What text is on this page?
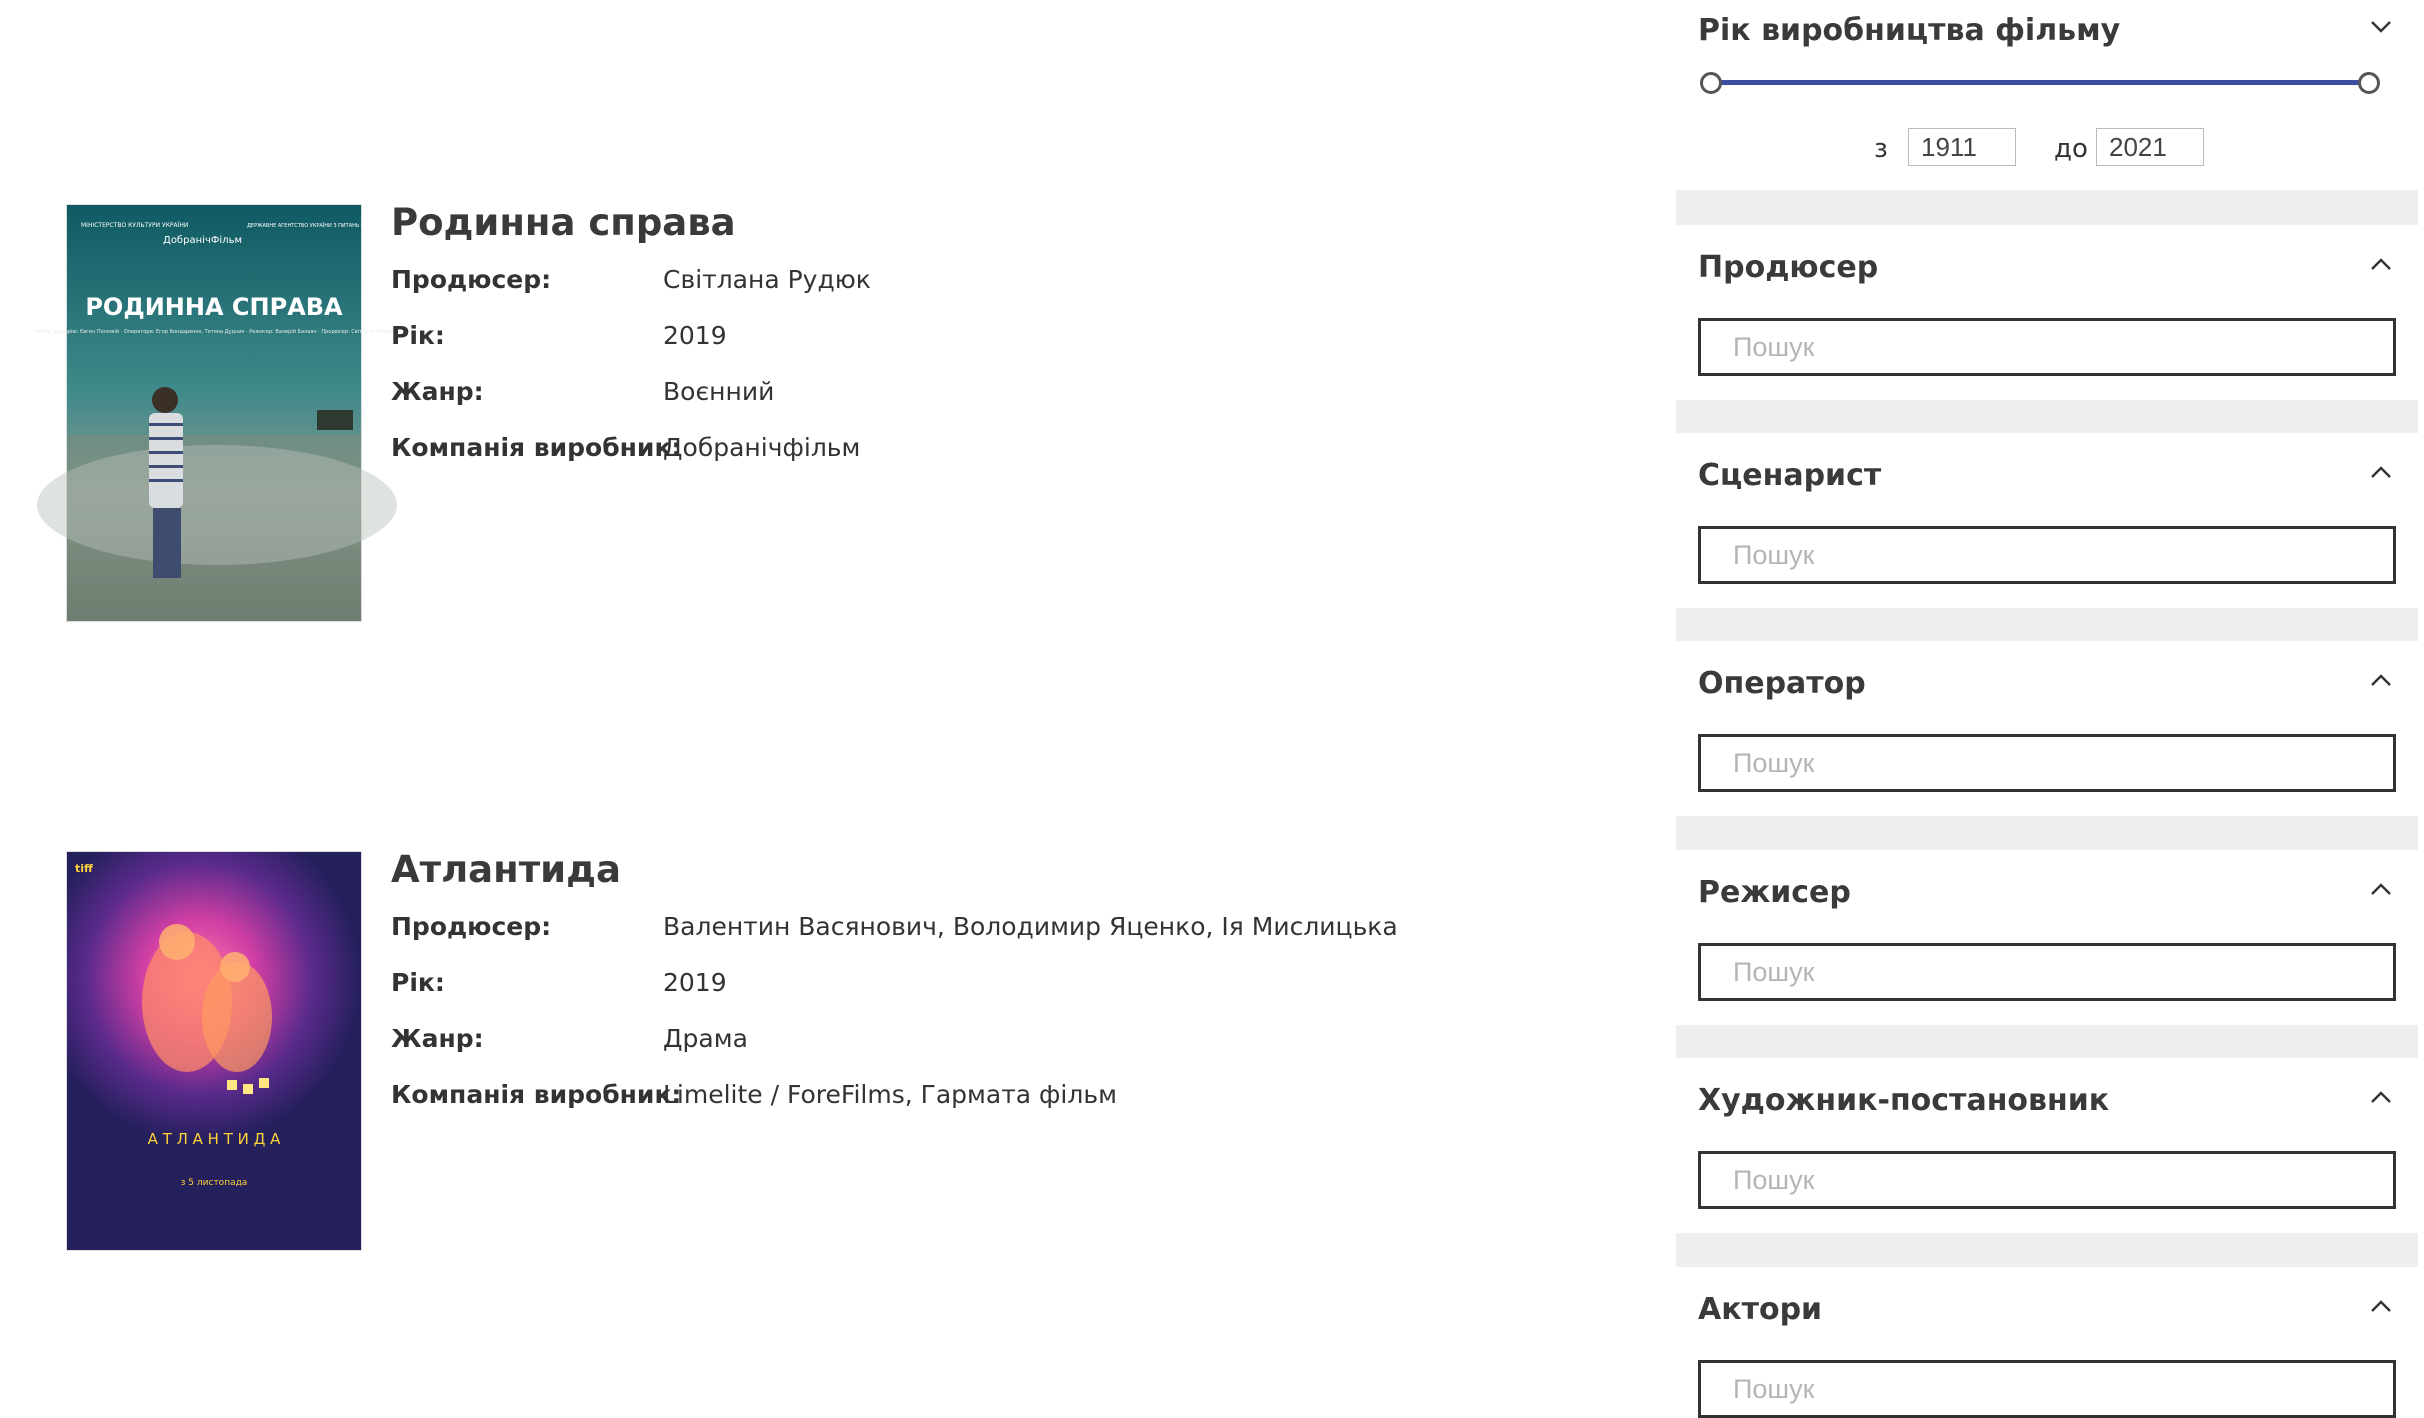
МІНІСТЕРСТВО КУЛЬТУРИ УКРАЇНИ
ДобранічФільм
ДЕРЖАВНЕ АГЕНТСТВО УКРАЇНИ З ПИТАНЬ КІНО
РОДИННА СПРАВА
Автор сценарію: Євген Положій · Оператори: Егор Бондаренко, Тетяна Дудник · Режисер: Валерій Балаян · Продюсер: Світлана Рудюк
Родинна справа
Продюсер:	Світлана Рудюк
Рік:	2019
Жанр:	Воєнний
Компанія виробник:
Добранічфільм
tiff
А Т Л А Н Т И Д А
з 5 листопада
Атлантида
Продюсер:	Валентин Васянович, Володимир Яценко, Ія Мислицька
Рік:	2019
Жанр:	Драма
Компанія виробник:
Limelite / ForeFilms, Гармата фільм
Рік виробництва фільму
з
1911	до
2021
Продюсер
Пошук
Сценарист
Пошук
Оператор
Пошук
Режисер
Пошук
Художник-постановник
Пошук
Актори
Пошук
